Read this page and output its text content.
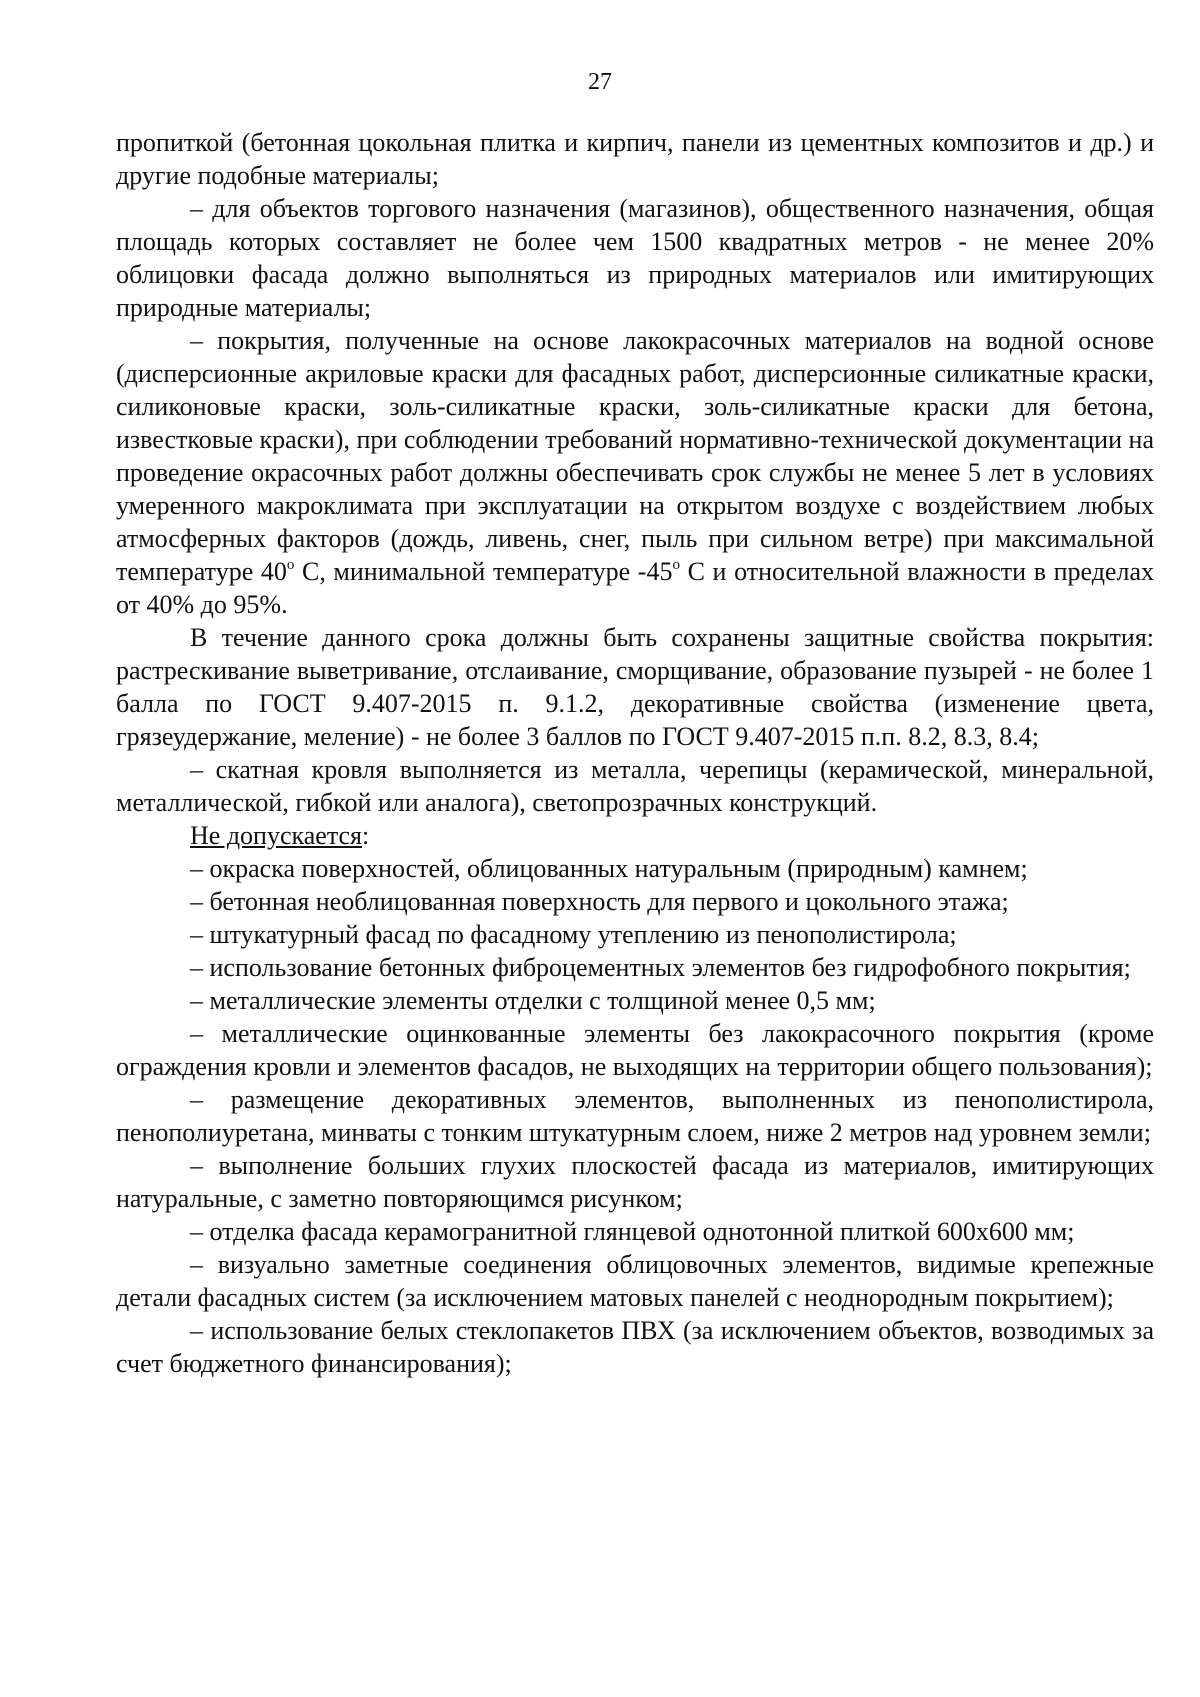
27

пропиткой (бетонная цокольная плитка и кирпич, панели из цементных композитов и др.) и другие подобные материалы;

– для объектов торгового назначения (магазинов), общественного назначения, общая площадь которых составляет не более чем 1500 квадратных метров - не менее 20% облицовки фасада должно выполняться из природных материалов или имитирующих природные материалы;

– покрытия, полученные на основе лакокрасочных материалов на водной основе (дисперсионные акриловые краски для фасадных работ, дисперсионные силикатные краски, силиконовые краски, золь-силикатные краски, золь-силикатные краски для бетона, известковые краски), при соблюдении требований нормативно-технической документации на проведение окрасочных работ должны обеспечивать срок службы не менее 5 лет в условиях умеренного макроклимата при эксплуатации на открытом воздухе с воздействием любых атмосферных факторов (дождь, ливень, снег, пыль при сильном ветре) при максимальной температуре $40^о$ С, минимальной температуре $-45^о$ С и относительной влажности в пределах от 40% до 95%.

В течение данного срока должны быть сохранены защитные свойства покрытия: растрескивание выветривание, отслаивание, сморщивание, образование пузырей - не более 1 балла по ГОСТ 9.407-2015 п. 9.1.2, декоративные свойства (изменение цвета, грязеудержание, меление) - не более 3 баллов по ГОСТ 9.407-2015 п.п. 8.2, 8.3, 8.4;

– скатная кровля выполняется из металла, черепицы (керамической, минеральной, металлической, гибкой или аналога), светопрозрачных конструкций.

Не допускается:

– окраска поверхностей, облицованных натуральным (природным) камнем;

– бетонная необлицованная поверхность для первого и цокольного этажа;

– штукатурный фасад по фасадному утеплению из пенополистирола;

– использование бетонных фиброцементных элементов без гидрофобного покрытия;

– металлические элементы отделки с толщиной менее 0,5 мм;

– металлические оцинкованные элементы без лакокрасочного покрытия (кроме ограждения кровли и элементов фасадов, не выходящих на территории общего пользования);

– размещение декоративных элементов, выполненных из пенополистирола, пенополиуретана, минваты с тонким штукатурным слоем, ниже 2 метров над уровнем земли;

– выполнение больших глухих плоскостей фасада из материалов, имитирующих натуральные, с заметно повторяющимся рисунком;

– отделка фасада керамогранитной глянцевой однотонной плиткой 600х600 мм;

– визуально заметные соединения облицовочных элементов, видимые крепежные детали фасадных систем (за исключением матовых панелей с неоднородным покрытием);

– использование белых стеклопакетов ПВХ (за исключением объектов, возводимых за счет бюджетного финансирования);
